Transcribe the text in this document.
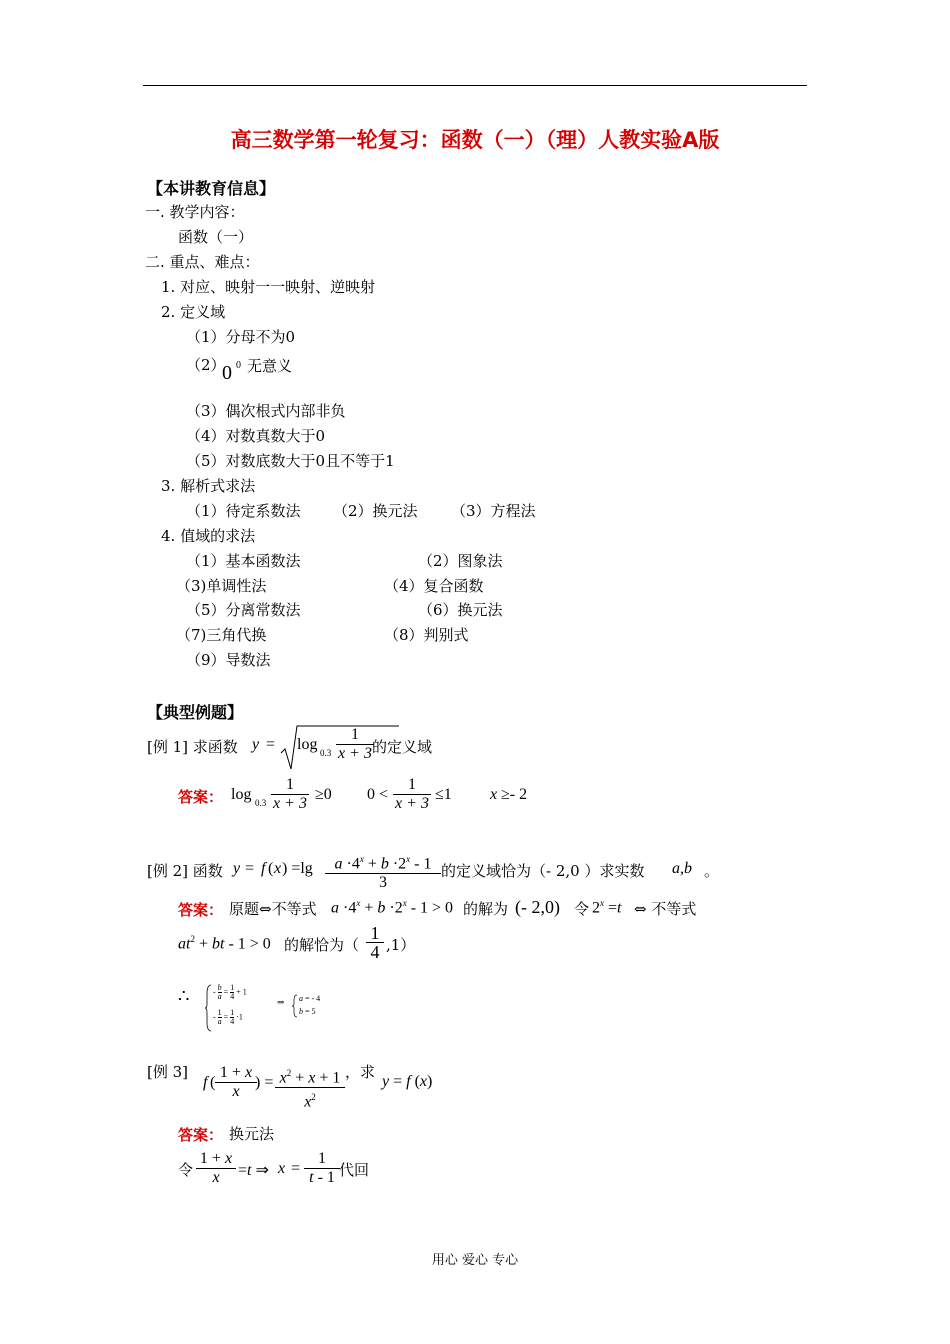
高三数学第一轮复习：函数（一）（理）人教实验A版
【本讲教育信息】
一. 教学内容：
函数（一）
二. 重点、难点：
1. 对应、映射一一映射、逆映射
2. 定义域
（1）分母不为0
（2）
0 0 无意义
（3）偶次根式内部非负
（4）对数真数大于0
（5）对数底数大于0且不等于1
3. 解析式求法
（1）待定系数法 （2）换元法 （3）方程法
4. 值域的求法
（1）基本函数法	（2）图象法
（3)单调性法	（4）复合函数
（5）分离常数法	（6）换元法
（7)三角代换	（8）判别式
（9）导数法
【典型例题】
[例 1] 求函数 $y = \log 0.3 \frac{1}{x + 3}$
的定义域
答案： $\log 0.3 \frac{1}{x + 3} \ge 0$ $0 < \frac{1}{x + 3} \le 1$ x ≥- 2
[例 2] 函数 y = f ( x ) $=\lg \frac{a \cdot 4^x + b \cdot 2^x - 1}{3}$ 的定义域恰为（- 2,0 ）求实数 a,b 。
答案： 原题⇔不等式 $a \cdot 4^x + b \cdot 2^x - 1 > 0$ 的解为 (- 2,0) 令 $2^x =t$ ⇔ 不等式
$at^2$ + bt - 1 > 0 的解恰为（ $\frac{1}{4} ,1$）
∴	- $\frac{b}{a} = \frac{1}{4} + 1$
- $\frac{1}{a} = \frac{1}{4} \cdot 1$
⇒ a = - 4
b = 5
[例 3]
f ( $\frac{1 + x}{x}$
) = $\frac{x^2 + x + 1}{x^2}$ ，求
y = f (x)
答案： 换元法
令 $\frac{1 + x}{x} =t$ ⇒ $x = \frac{1}{t - 1}$ 代回
用心 爱心 专心
